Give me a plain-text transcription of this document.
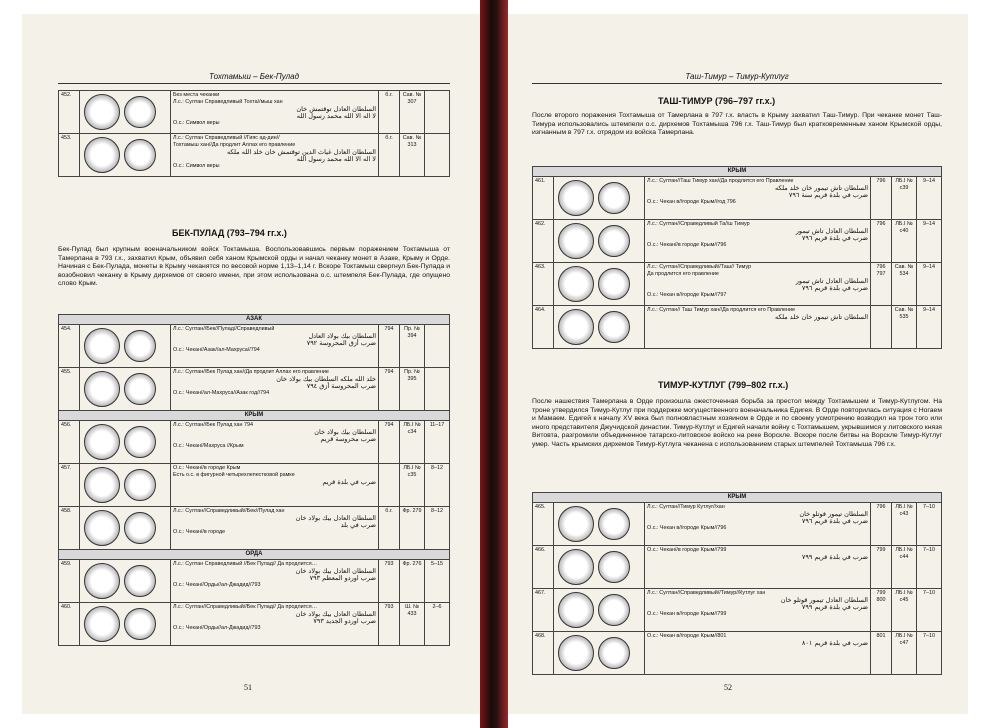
Тохтамыш – Бек-Пулад
452.		Без места чеканки
Л.с.: Султан Справедливый Тохта//мыш хан
السلطان العادل توقتمش خان
لا اله الا الله محمد رسول الله
О.с.: Символ веры	б.г.	Сав. № 307	
453.		Л.с.: Султан Справедливый //Гияс ад-дин//
Тохтамыш хан//Да продлит Аллах его правление
السلطان العادل غياث الدين توقتمش خان خلد الله ملكه
لا اله الا الله محمد رسول الله
О.с.: Символ веры	б.г.	Сав. № 313	
БЕК-ПУЛАД (793–794 гг.х.)

Бек-Пулад был крупным военачальником войск Токтамыша. Воспользовавшись первым поражением Токтамыша от Тамерлана в 793 г.х., захватил Крым, объявил себя ханом Крымской орды и начал чеканку монет в Азаке, Крыму и Орде. Начиная с Бек-Пулада, монеты в Крыму чеканятся по весовой норме 1,13–1,14 г. Вскоре Токтамыш свергнул Бек-Пулада и возобновил чеканку в Крыму дирхемов от своего имени, при этом использована о.с. штемпеля Бек-Пулада, где опущено слово Крым.

АЗАК					
454.		Л.с.: Султан//Бек//Пулад//Справедливый
السلطان بيك بولاد العادل
ضرب أزق المحروسة ٧٩٢
О.с.: Чекан//Азак//ал-Махруса//794	794	Пр. № 394	
455.		Л.с.: Султан//Бек Пулад хан//Да продлит Аллах его правление
خلد الله ملكه السلطان بيك بولاد خان
ضرب المحروسة أزق ٧٩٤
О.с.: Чекан//ал-Махруса//Азак год//794	794	Пр. № 395	
КРЫМ					
456.		Л.с.: Султан//Бек Пулад хан 794
السلطان بيك بولاد خان
ضرب محروسة قريم
О.с.: Чекан//Махруса //Крым	794	ЛБ.І № c34	11–17
457.		О.с.: Чекан//в городе Крым
Есть о.с. в фигурной четырехлепестковой рамке
ضرب في بلدة قريم		ЛБ.І № c35	8–12
458.		Л.с.: Султан//Справедливый//Бек//Пулад хан
السلطان العادل بيك بولاد خان
ضرب في بلد
О.с.: Чекан//в городе	б.г.	Фр. 279	8–12
ОРДА					
459.		Л.с.: Султан Справедливый //Бек Пулад// Да продлится…
السلطان العادل بيك بولاد خان
ضرب اوردو المعظم ٧٩٣
О.с.: Чекан//Орды//ал-Джадид//793	793	Фр. 276	5–15
460.		Л.с.: Султан//Справедливый//Бек Пулад// Да продлится…
السلطان العادل بيك بولاد خان
ضرب اوردو الجديد ٧٩٣
О.с.: Чекан//Орды//ал-Джадид//793	793	Ш. № 433	2–6
51
Таш-Тимур – Тимур-Кутлуг
ТАШ-ТИМУР (796–797 гг.х.)

После второго поражения Тохтамыша от Тамерлана в 797 г.х. власть в Крыму захватил Таш-Тимур. При чеканке монет Таш-Тимура использовались штемпели о.с. дирхемов Тохтамыша 796 г.х. Таш-Тимур был кратковременным ханом Крымской орды, изгнанным в 797 г.х. отрядом из войска Тамерлана.

КРЫМ					
461.		Л.с.: Султан//Таш Тимур хан//Да продлится его Правление
السلطان تاش تيمور خان خلد ملكه
ضرب في بلدة قريم سنة ٧٩٦
О.с.: Чекан в//городе Крым//год 796	796	ЛБ.І № c39	9–14
462.		Л.с.: Султан//Справедливый Та//ш Тимур
السلطان العادل تاش تيمور
ضرب في بلدة قريم ٧٩٦
О.с.: Чекан//в городе Крым//796	796	ЛБ.І № c40	9–14
463.		Л.с.: Султан//Справедливый//Таш// Тимур
Да продлится его правление
السلطان العادل تاش تيمور
ضرب في بلدة قريم ٧٩٦
О.с.: Чекан в//городе Крым//797	796 797	Сав. № 534	9–14
464.		Л.с.: Султан// Таш Тимур хан//Да продлится его Правление
السلطان تاش تيمور خان خلد ملكه		Сав. № 535	9–14
ТИМУР-КУТЛУГ (799–802 гг.х.)

После нашествия Тамерлана в Орде произошла ожесточенная борьба за престол между Тохтамышем и Тимур-Кутлугом. На троне утвердился Тимур-Кутлуг при поддержке могущественного военачальника Едигея. В Орде повторилась ситуация с Ногаем и Мамаем. Едигей к началу XV века был полновластным хозяином в Орде и по своему усмотрению возводил на трон того или иного представителя Джучидской династии. Тимур-Кутлуг и Едигей начали войну с Тохтамышем, укрывшимся у литовского князя Витовта, разгромили объединенное татарско-литовское войско на реке Ворскле. Вскоре после битвы на Ворскле Тимур-Кутлуг умер. Часть крымских дирхемов Тимур-Кутлуга чеканена с использованием старых штемпелей Тохтамыша 796 г.х.

КРЫМ					
465.		Л.с.: Султан//Тимур Кутлуг//хан
السلطان تيمور قوتلو خان
ضرب في بلدة قريم ٧٩٦
О.с.: Чекан в//городе Крым//796	796	ЛБ.І № c43	7–10
466.		О.с.: Чекан//в городе Крым//799
ضرب في بلدة قريم ٧٩٩	799	ЛБ.І № c44	7–10
467.		Л.с.: Султан//Справедливый//Тимур//Кутлуг хан
السلطان العادل تيمور قوتلو خان
ضرب في بلدة قريم ٧٩٩
О.с.: Чекан в//городе Крым//799	799 800	ЛБ.І № c45	7–10
468.		О.с.: Чекан в//городе Крым//801
ضرب في بلدة قريم ٨٠١	801	ЛБ.І № c47	7–10
52
